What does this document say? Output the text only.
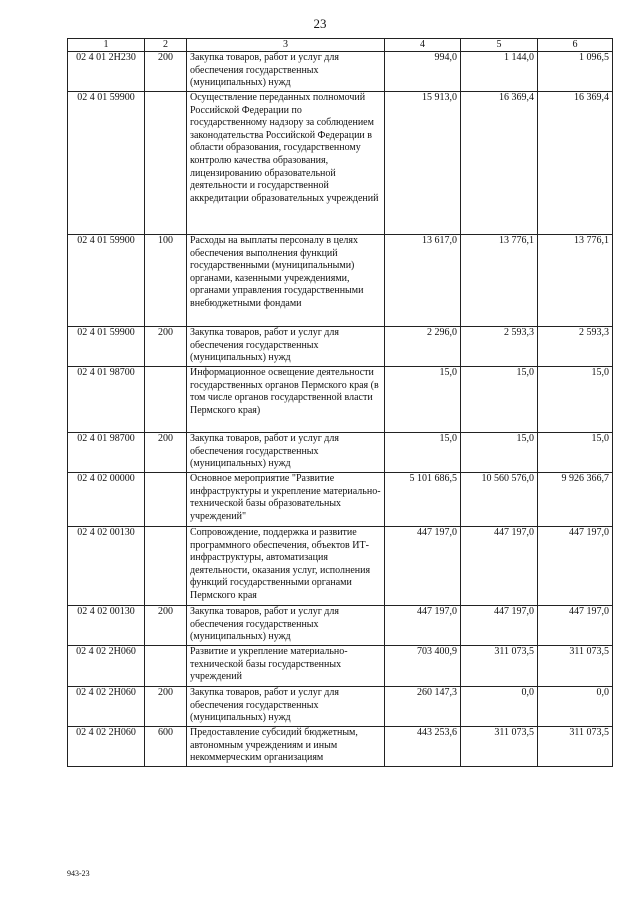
23
1	2	3	4	5	6
02 4 01 2Н230	200	Закупка товаров, работ и услуг для обеспечения государственных (муниципальных) нужд	994,0	1 144,0	1 096,5
02 4 01 59900		Осуществление переданных полномочий Российской Федерации по государственному надзору за соблюдением законодательства Российской Федерации в области образования, государственному контролю качества образования, лицензированию образовательной деятельности и государственной аккредитации образовательных учреждений	15 913,0	16 369,4	16 369,4
02 4 01 59900	100	Расходы на выплаты персоналу в целях обеспечения выполнения функций государственными (муниципальными) органами, казенными учреждениями, органами управления государственными внебюджетными фондами	13 617,0	13 776,1	13 776,1
02 4 01 59900	200	Закупка товаров, работ и услуг для обеспечения государственных (муниципальных) нужд	2 296,0	2 593,3	2 593,3
02 4 01 98700		Информационное освещение деятельности государственных органов Пермского края (в том числе органов государственной власти Пермского края)	15,0	15,0	15,0
02 4 01 98700	200	Закупка товаров, работ и услуг для обеспечения государственных (муниципальных) нужд	15,0	15,0	15,0
02 4 02 00000		Основное мероприятие "Развитие инфраструктуры и укрепление материально-технической базы образовательных учреждений"	5 101 686,5	10 560 576,0	9 926 366,7
02 4 02 00130		Сопровождение, поддержка и развитие программного обеспечения, объектов ИТ-инфраструктуры, автоматизация деятельности, оказания услуг, исполнения функций государственными органами Пермского края	447 197,0	447 197,0	447 197,0
02 4 02 00130	200	Закупка товаров, работ и услуг для обеспечения государственных (муниципальных) нужд	447 197,0	447 197,0	447 197,0
02 4 02 2Н060		Развитие и укрепление материально-технической базы государственных учреждений	703 400,9	311 073,5	311 073,5
02 4 02 2Н060	200	Закупка товаров, работ и услуг для обеспечения государственных (муниципальных) нужд	260 147,3	0,0	0,0
02 4 02 2Н060	600	Предоставление субсидий бюджетным, автономным учреждениям и иным некоммерческим организациям	443 253,6	311 073,5	311 073,5
943-23
